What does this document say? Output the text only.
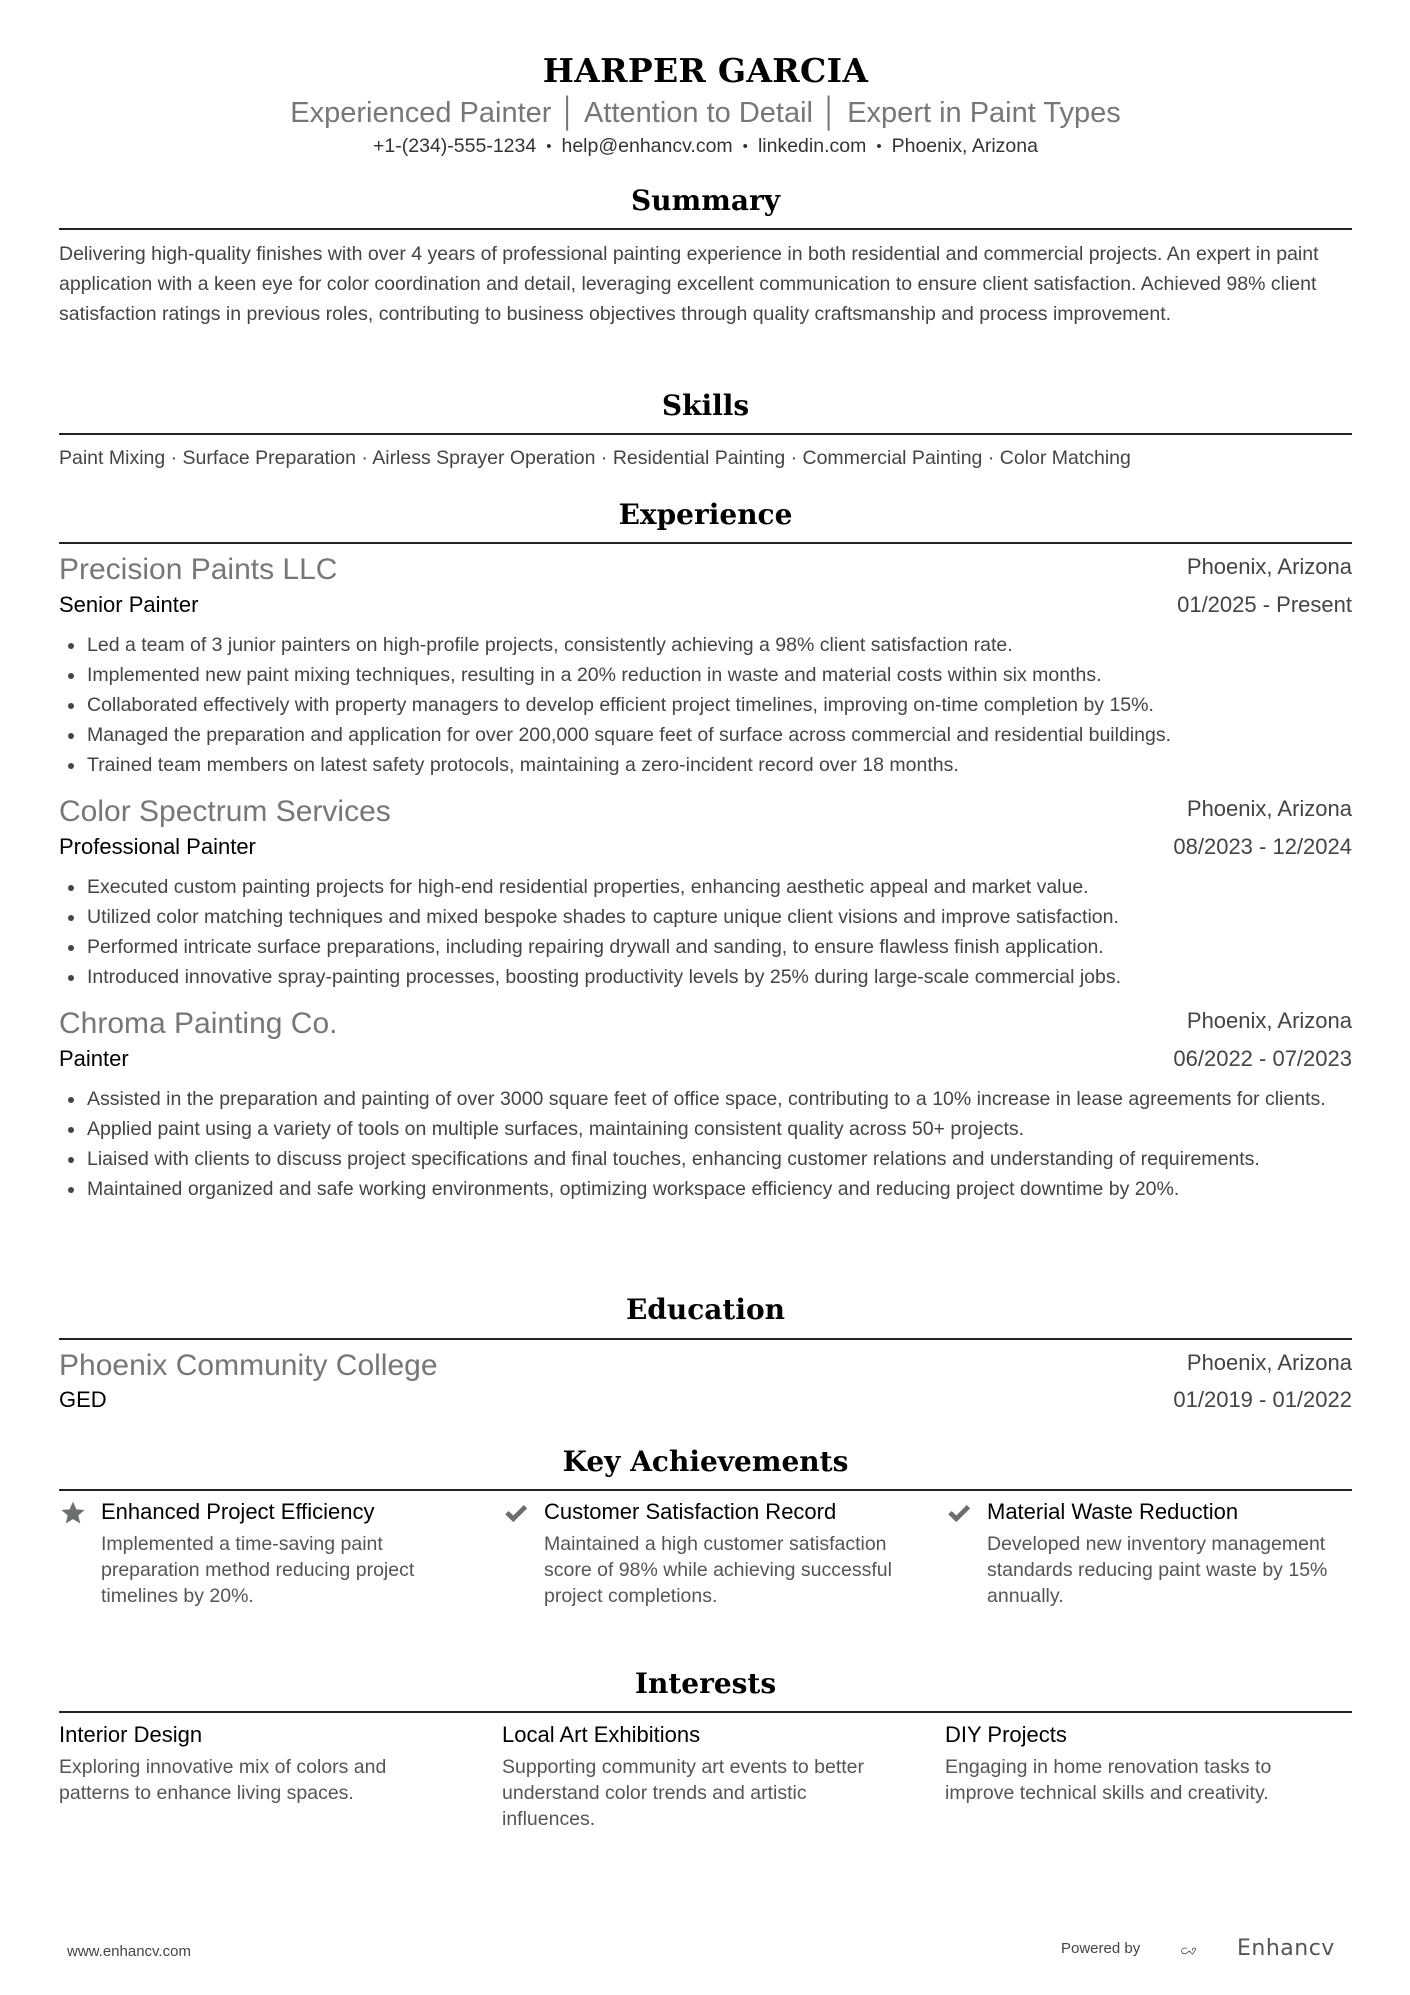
HARPER GARCIA
Experienced Painter │ Attention to Detail │ Expert in Paint Types
+1-(234)-555-1234 • help@enhancv.com • linkedin.com • Phoenix, Arizona
Summary
Delivering high-quality finishes with over 4 years of professional painting experience in both residential and commercial projects. An expert in paint application with a keen eye for color coordination and detail, leveraging excellent communication to ensure client satisfaction. Achieved 98% client satisfaction ratings in previous roles, contributing to business objectives through quality craftsmanship and process improvement.
Skills
Paint Mixing · Surface Preparation · Airless Sprayer Operation · Residential Painting · Commercial Painting · Color Matching
Experience
Precision Paints LLC	Phoenix, Arizona
Senior Painter	01/2025 - Present
Led a team of 3 junior painters on high-profile projects, consistently achieving a 98% client satisfaction rate.
Implemented new paint mixing techniques, resulting in a 20% reduction in waste and material costs within six months.
Collaborated effectively with property managers to develop efficient project timelines, improving on-time completion by 15%.
Managed the preparation and application for over 200,000 square feet of surface across commercial and residential buildings.
Trained team members on latest safety protocols, maintaining a zero-incident record over 18 months.
Color Spectrum Services	Phoenix, Arizona
Professional Painter	08/2023 - 12/2024
Executed custom painting projects for high-end residential properties, enhancing aesthetic appeal and market value.
Utilized color matching techniques and mixed bespoke shades to capture unique client visions and improve satisfaction.
Performed intricate surface preparations, including repairing drywall and sanding, to ensure flawless finish application.
Introduced innovative spray-painting processes, boosting productivity levels by 25% during large-scale commercial jobs.
Chroma Painting Co.	Phoenix, Arizona
Painter	06/2022 - 07/2023
Assisted in the preparation and painting of over 3000 square feet of office space, contributing to a 10% increase in lease agreements for clients.
Applied paint using a variety of tools on multiple surfaces, maintaining consistent quality across 50+ projects.
Liaised with clients to discuss project specifications and final touches, enhancing customer relations and understanding of requirements.
Maintained organized and safe working environments, optimizing workspace efficiency and reducing project downtime by 20%.
Education
Phoenix Community College	Phoenix, Arizona
GED	01/2019 - 01/2022
Key Achievements
Enhanced Project Efficiency
Implemented a time-saving paint preparation method reducing project timelines by 20%.
Customer Satisfaction Record
Maintained a high customer satisfaction score of 98% while achieving successful project completions.
Material Waste Reduction
Developed new inventory management standards reducing paint waste by 15% annually.
Interests
Interior Design
Exploring innovative mix of colors and patterns to enhance living spaces.
Local Art Exhibitions
Supporting community art events to better understand color trends and artistic influences.
DIY Projects
Engaging in home renovation tasks to improve technical skills and creativity.
www.enhancv.com	Powered by	Enhancv
